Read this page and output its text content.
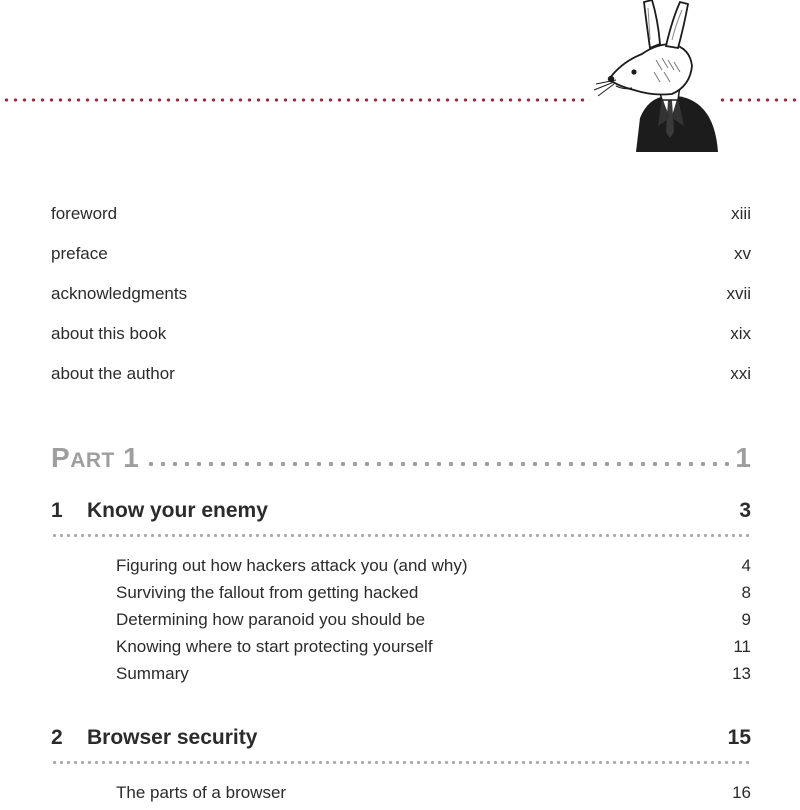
foreword	xiii
preface	xv
acknowledgments	xvii
about this book	xix
about the author	xxi
PART 1	1
1 Know your enemy	3
Figuring out how hackers attack you (and why)	4
Surviving the fallout from getting hacked	8
Determining how paranoid you should be	9
Knowing where to start protecting yourself	11
Summary	13
2 Browser security	15
The parts of a browser	16
